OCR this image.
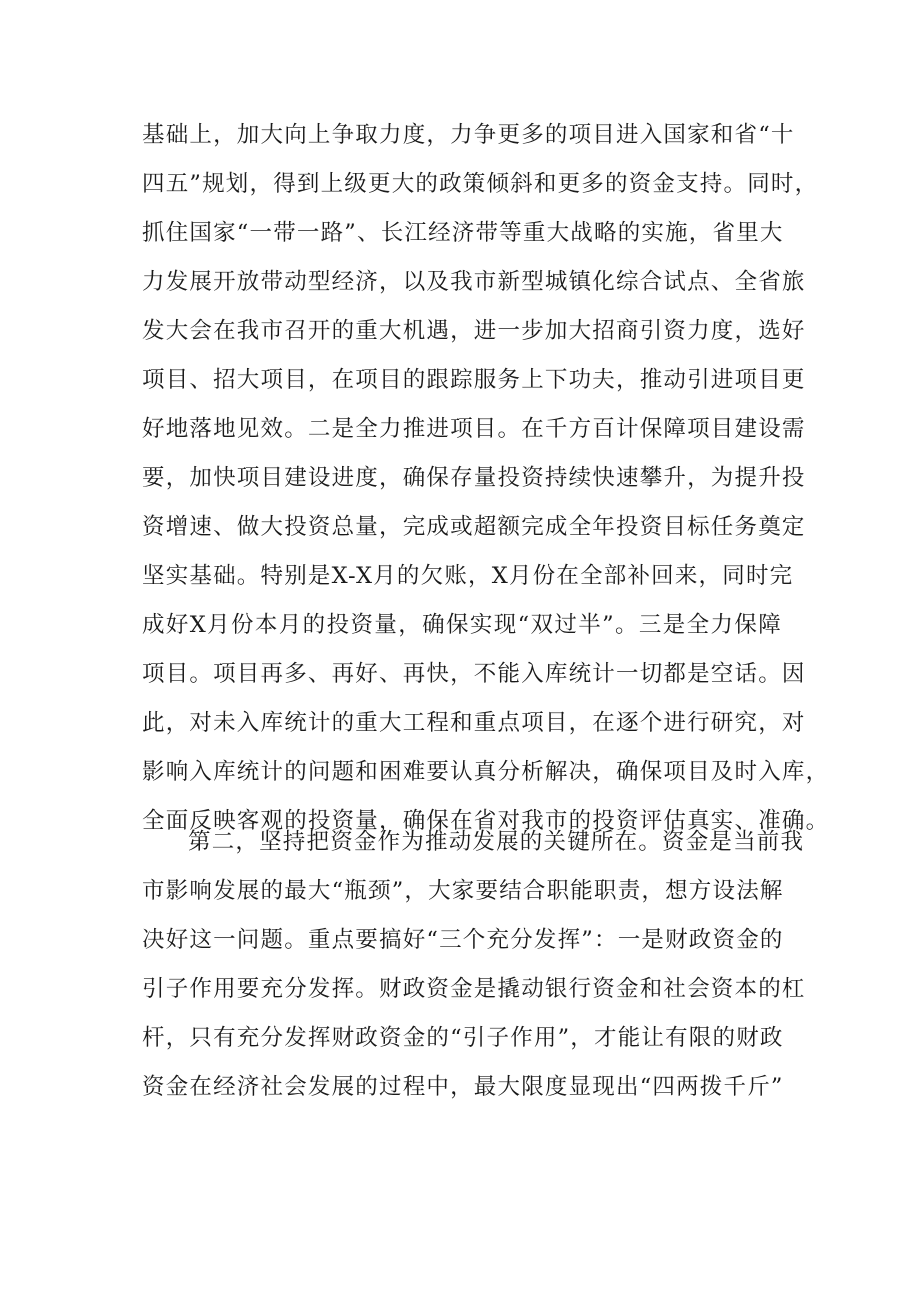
基础上，加大向上争取力度，力争更多的项目进入国家和省“十
四五”规划，得到上级更大的政策倾斜和更多的资金支持。同时，
抓住国家“一带一路”、长江经济带等重大战略的实施，省里大
力发展开放带动型经济，以及我市新型城镇化综合试点、全省旅
发大会在我市召开的重大机遇，进一步加大招商引资力度，选好
项目、招大项目，在项目的跟踪服务上下功夫，推动引进项目更
好地落地见效。二是全力推进项目。在千方百计保障项目建设需
要，加快项目建设进度，确保存量投资持续快速攀升，为提升投
资增速、做大投资总量，完成或超额完成全年投资目标任务奠定
坚实基础。特别是X-X月的欠账，X月份在全部补回来，同时完
成好X月份本月的投资量，确保实现“双过半”。三是全力保障
项目。项目再多、再好、再快，不能入库统计一切都是空话。因
此，对未入库统计的重大工程和重点项目，在逐个进行研究，对
影响入库统计的问题和困难要认真分析解决，确保项目及时入库，
全面反映客观的投资量，确保在省对我市的投资评估真实、准确。
第二，坚持把资金作为推动发展的关键所在。资金是当前我
市影响发展的最大“瓶颈”，大家要结合职能职责，想方设法解
决好这一问题。重点要搞好“三个充分发挥”：一是财政资金的
引子作用要充分发挥。财政资金是撬动银行资金和社会资本的杠
杆，只有充分发挥财政资金的“引子作用”，才能让有限的财政
资金在经济社会发展的过程中，最大限度显现出“四两拨千斤”
